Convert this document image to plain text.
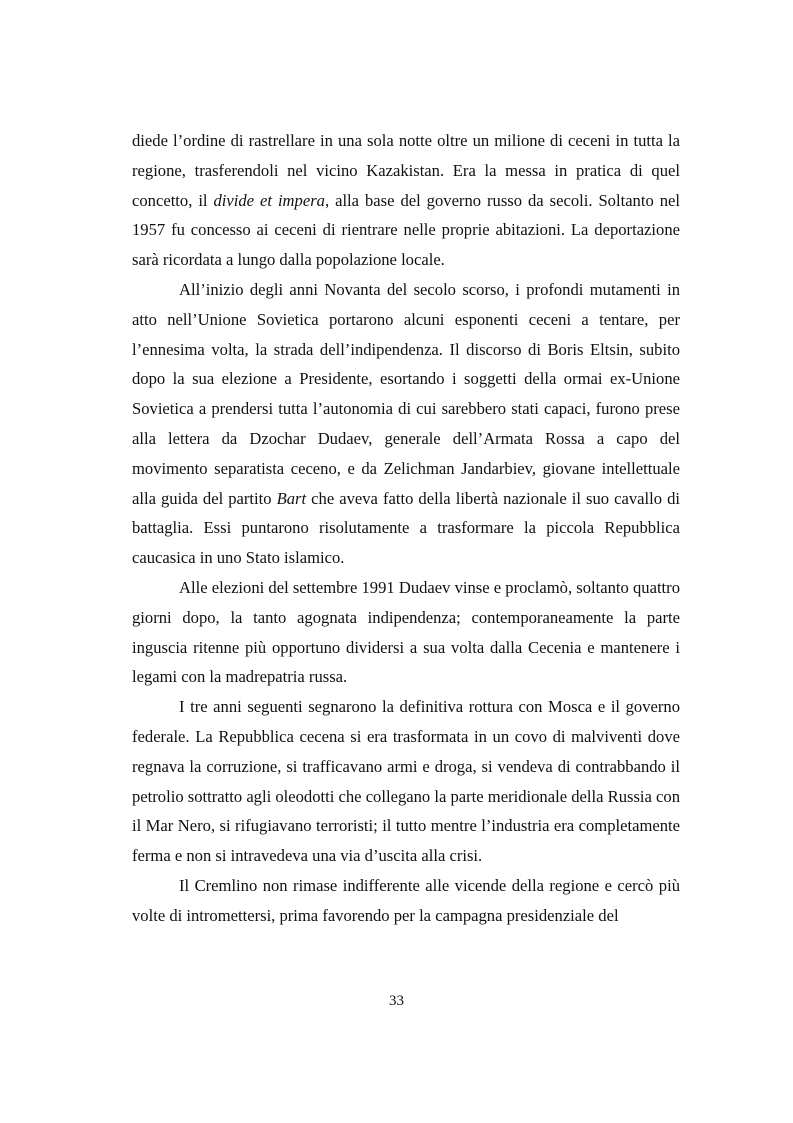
diede l’ordine di rastrellare in una sola notte oltre un milione di ceceni in tutta la regione, trasferendoli nel vicino Kazakistan. Era la messa in pratica di quel concetto, il divide et impera, alla base del governo russo da secoli. Soltanto nel 1957 fu concesso ai ceceni di rientrare nelle proprie abitazioni. La deportazione sarà ricordata a lungo dalla popolazione locale.

All’inizio degli anni Novanta del secolo scorso, i profondi mutamenti in atto nell’Unione Sovietica portarono alcuni esponenti ceceni a tentare, per l’ennesima volta, la strada dell’indipendenza. Il discorso di Boris Eltsin, subito dopo la sua elezione a Presidente, esortando i soggetti della ormai ex-Unione Sovietica a prendersi tutta l’autonomia di cui sarebbero stati capaci, furono prese alla lettera da Dzochar Dudaev, generale dell’Armata Rossa a capo del movimento separatista ceceno, e da Zelichman Jandarbiev, giovane intellettuale alla guida del partito Bart che aveva fatto della libertà nazionale il suo cavallo di battaglia. Essi puntarono risolutamente a trasformare la piccola Repubblica caucasica in uno Stato islamico.

Alle elezioni del settembre 1991 Dudaev vinse e proclamò, soltanto quattro giorni dopo, la tanto agognata indipendenza; contemporaneamente la parte inguscia ritenne più opportuno dividersi a sua volta dalla Cecenia e mantenere i legami con la madrepatria russa.

I tre anni seguenti segnarono la definitiva rottura con Mosca e il governo federale. La Repubblica cecena si era trasformata in un covo di malviventi dove regnava la corruzione, si trafficavano armi e droga, si vendeva di contrabbando il petrolio sottratto agli oleodotti che collegano la parte meridionale della Russia con il Mar Nero, si rifugiavano terroristi; il tutto mentre l’industria era completamente ferma e non si intravedeva una via d’uscita alla crisi.

Il Cremlino non rimase indifferente alle vicende della regione e cercò più volte di intromettersi, prima favorendo per la campagna presidenziale del

33
